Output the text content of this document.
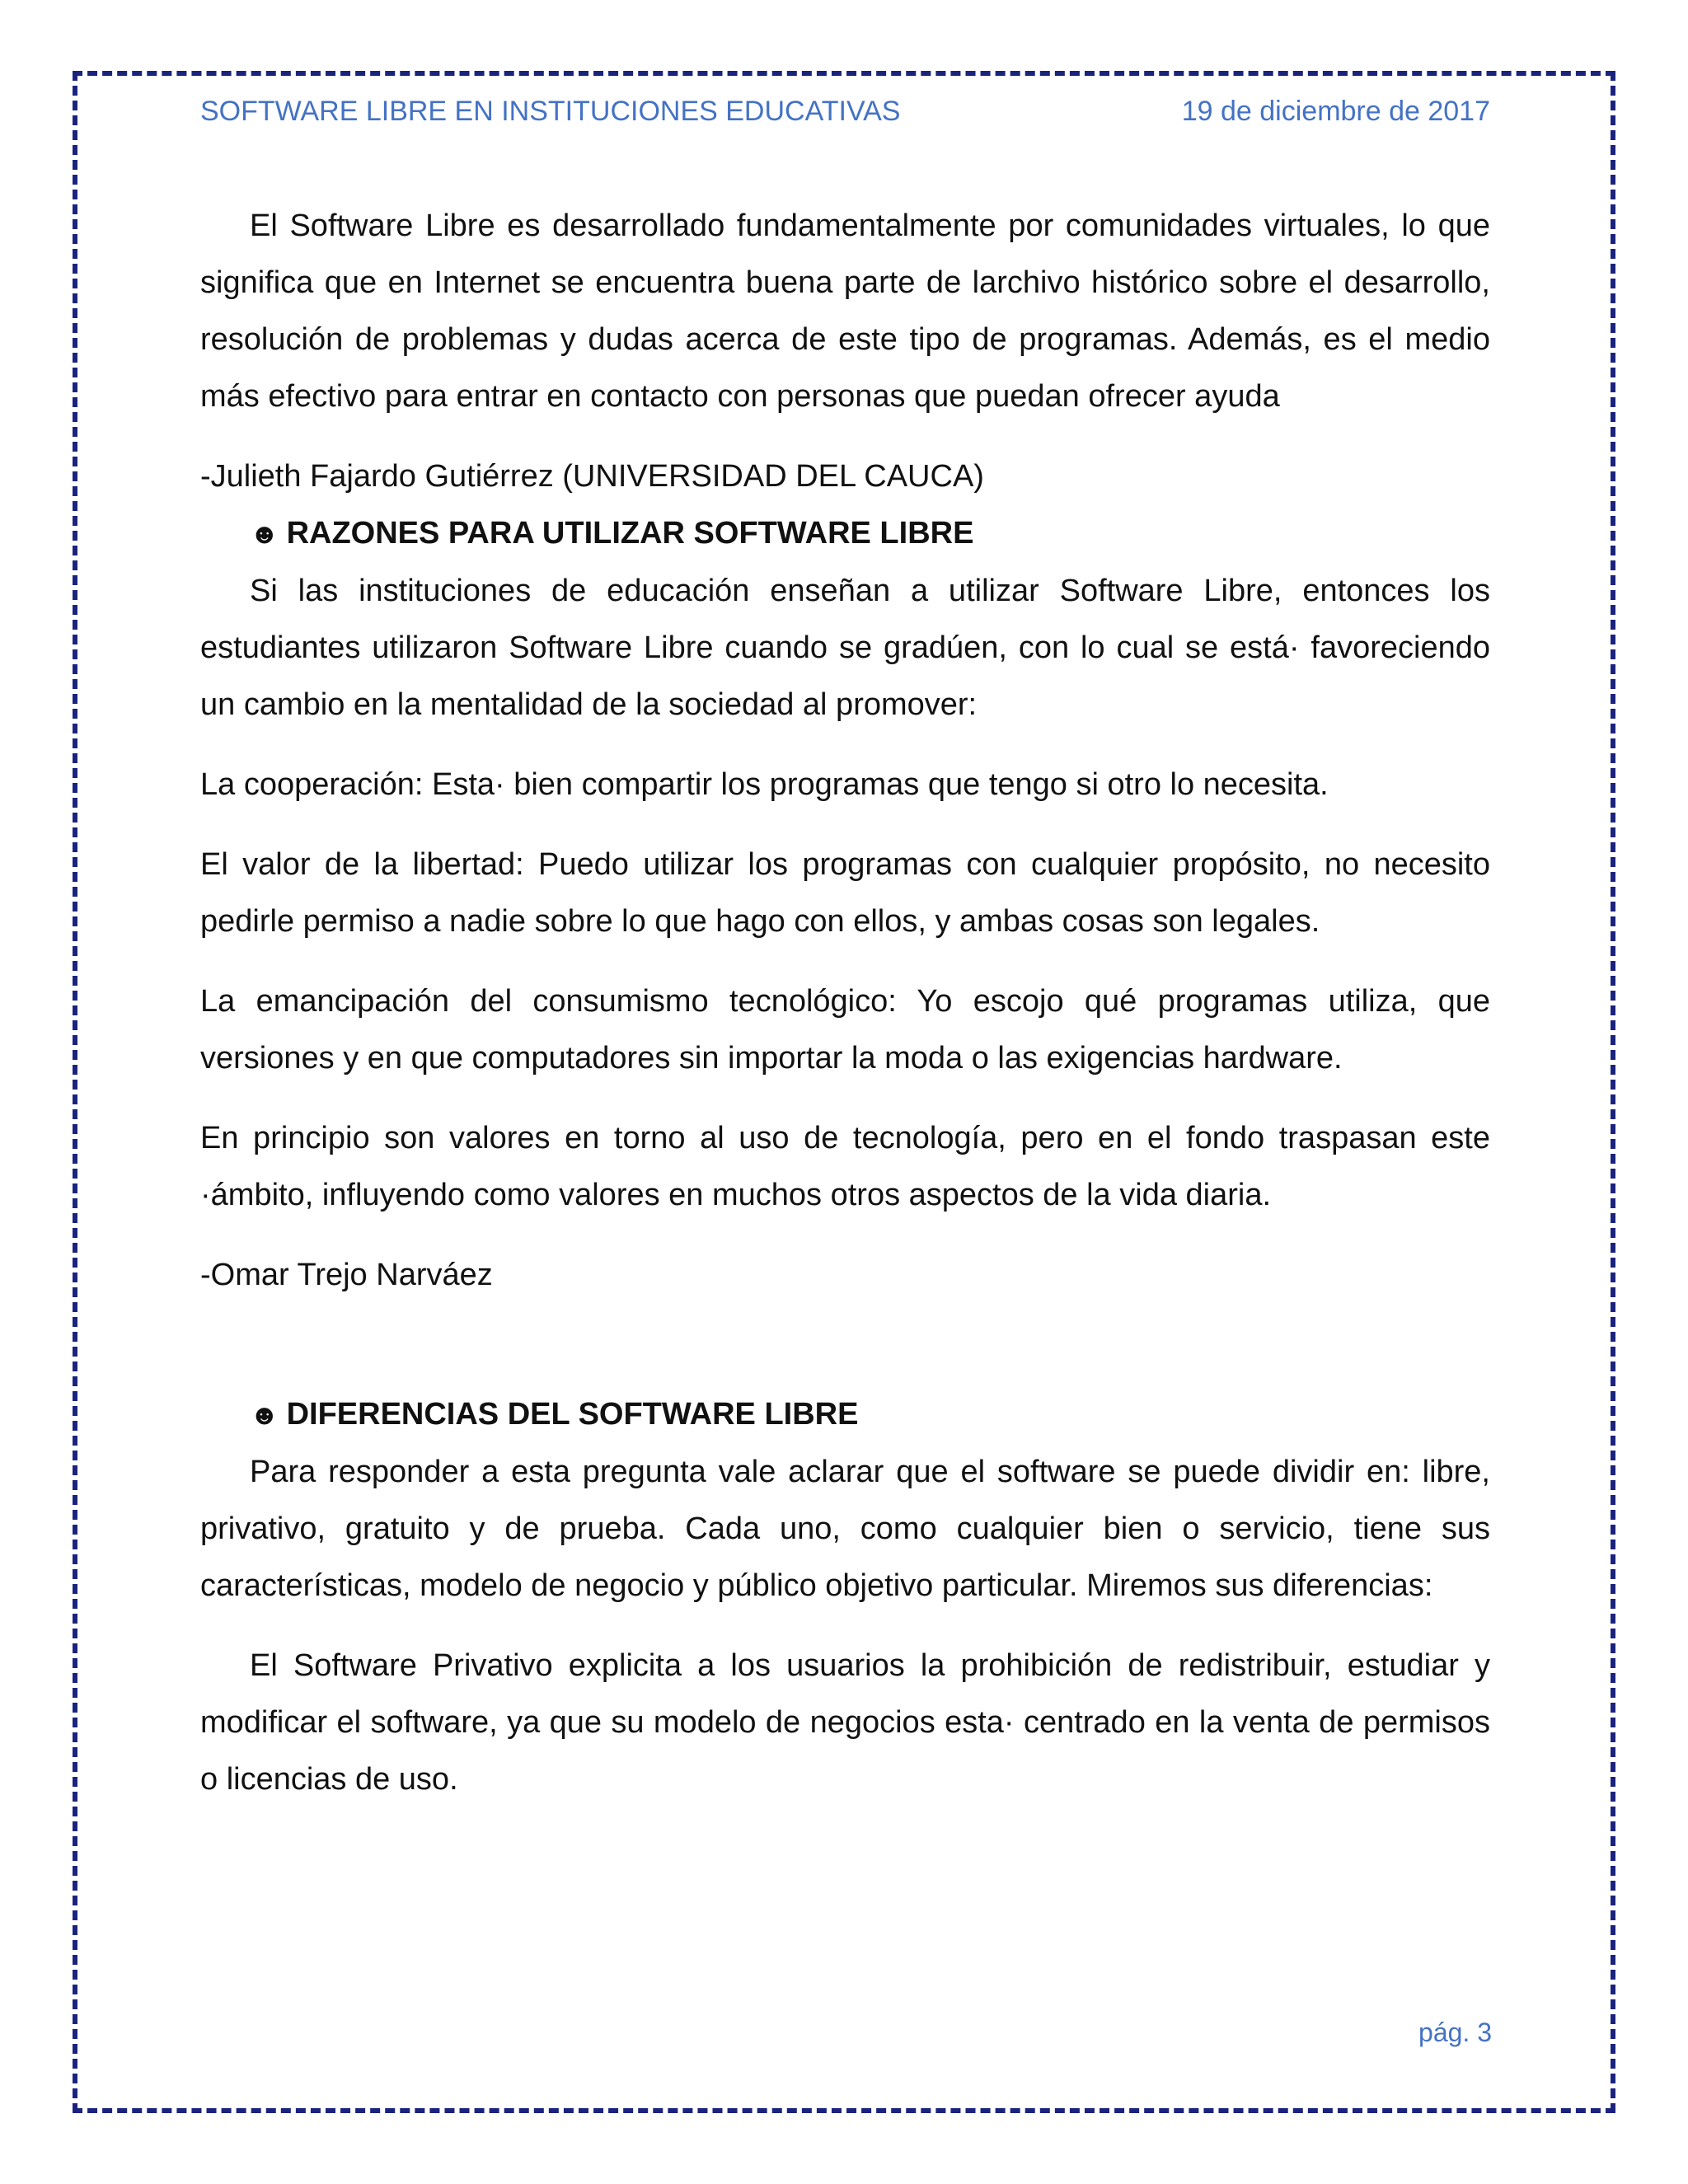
SOFTWARE LIBRE EN INSTITUCIONES EDUCATIVAS	19 de diciembre de 2017

El Software Libre es desarrollado fundamentalmente por comunidades virtuales, lo que significa que en Internet se encuentra buena parte de larchivo histórico sobre el desarrollo, resolución de problemas y dudas acerca de este tipo de programas. Además, es el medio más efectivo para entrar en contacto con personas que puedan ofrecer ayuda

-Julieth Fajardo Gutiérrez (UNIVERSIDAD DEL CAUCA)

☻ RAZONES PARA UTILIZAR SOFTWARE LIBRE

Si las instituciones de educación enseñan a utilizar Software Libre, entonces los estudiantes utilizaron Software Libre cuando se gradúen, con lo cual se está· favoreciendo un cambio en la mentalidad de la sociedad al promover:

La cooperación: Esta· bien compartir los programas que tengo si otro lo necesita.

El valor de la libertad: Puedo utilizar los programas con cualquier propósito, no necesito pedirle permiso a nadie sobre lo que hago con ellos, y ambas cosas son legales.

La emancipación del consumismo tecnológico: Yo escojo qué programas utiliza, que versiones y en que computadores sin importar la moda o las exigencias hardware.

En principio son valores en torno al uso de tecnología, pero en el fondo traspasan este ·ámbito, influyendo como valores en muchos otros aspectos de la vida diaria.

-Omar Trejo Narváez

☻ DIFERENCIAS DEL SOFTWARE LIBRE

Para responder a esta pregunta vale aclarar que el software se puede dividir en: libre, privativo, gratuito y de prueba. Cada uno, como cualquier bien o servicio, tiene sus características, modelo de negocio y público objetivo particular. Miremos sus diferencias:

El Software Privativo explicita a los usuarios la prohibición de redistribuir, estudiar y modificar el software, ya que su modelo de negocios esta· centrado en la venta de permisos o licencias de uso.

pág. 3
